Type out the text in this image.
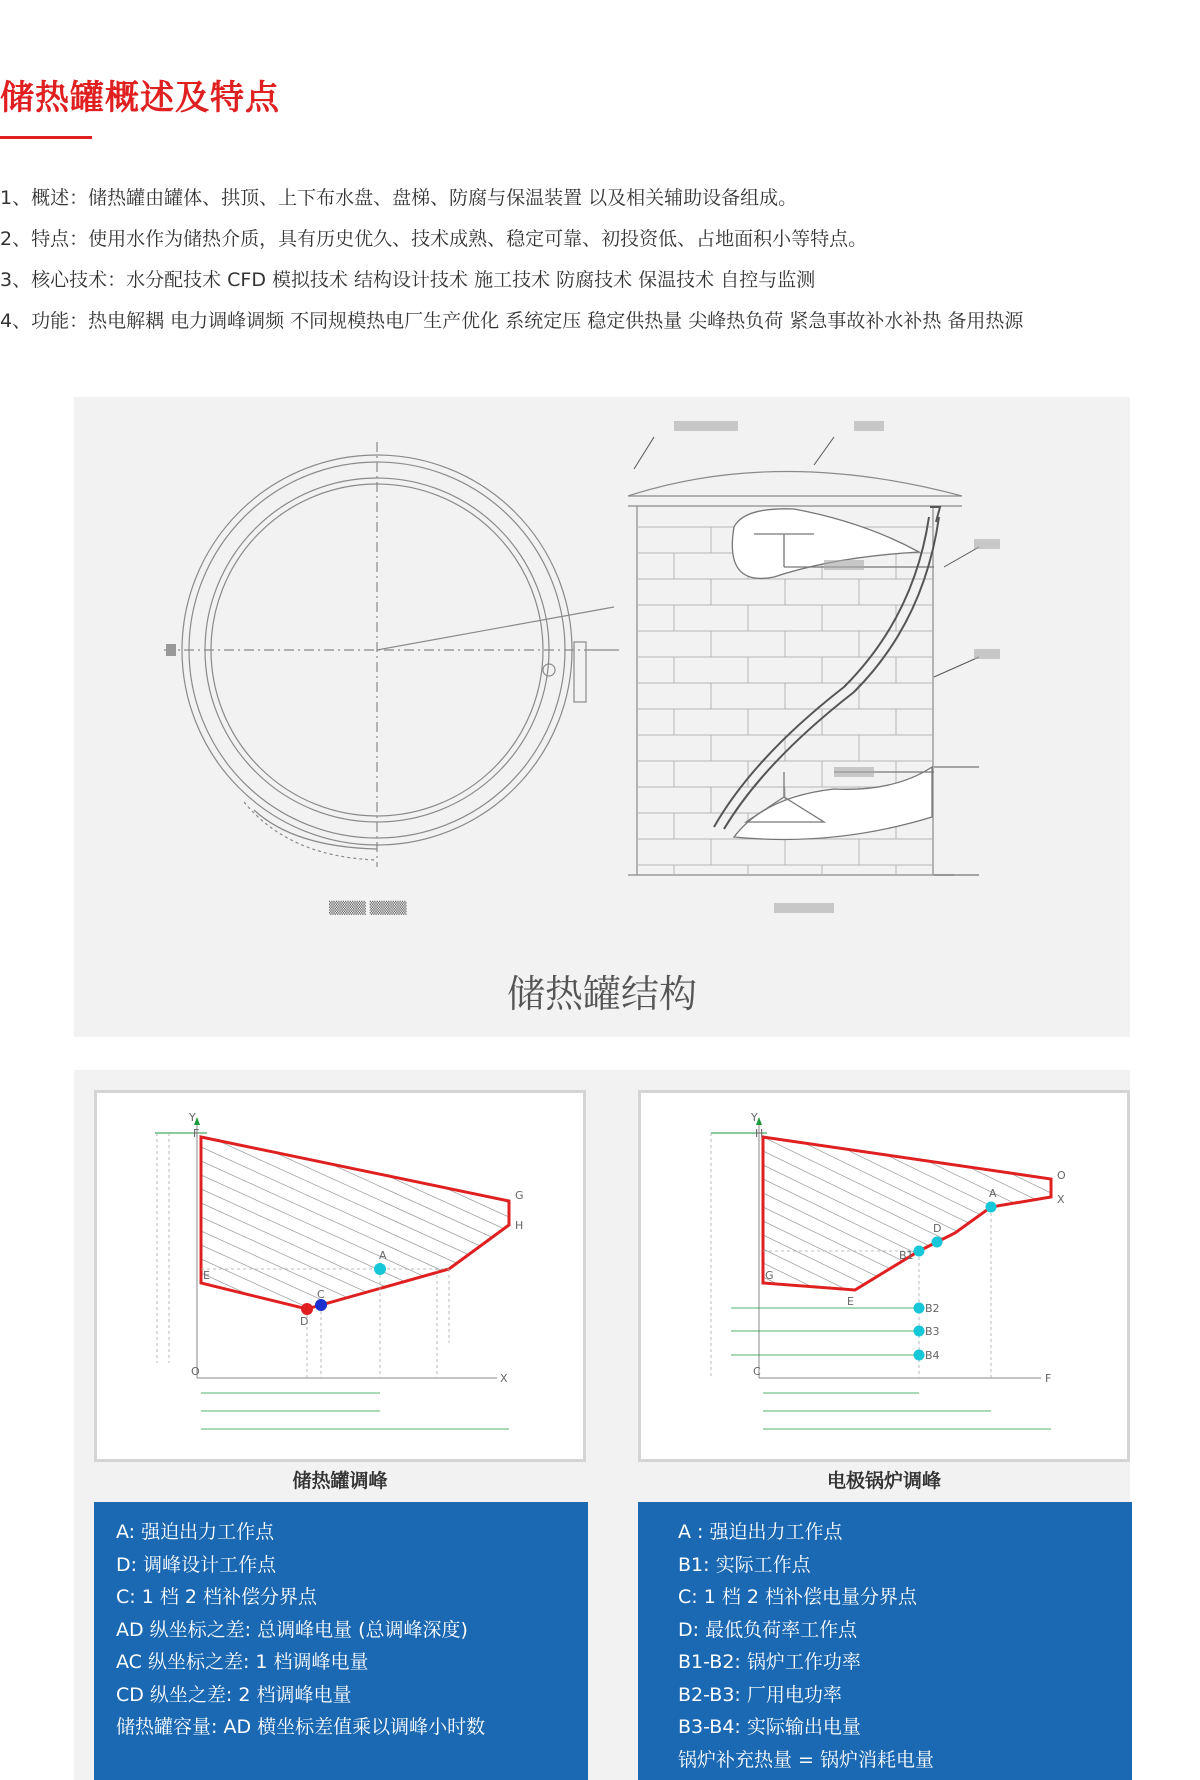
储热罐概述及特点
1、概述：储热罐由罐体、拱顶、上下布水盘、盘梯、防腐与保温装置 以及相关辅助设备组成。
2、特点：使用水作为储热介质，具有历史优久、技术成熟、稳定可靠、初投资低、占地面积小等特点。
3、核心技术：水分配技术 CFD 模拟技术 结构设计技术 施工技术 防腐技术 保温技术 自控与监测
4、功能：热电解耦 电力调峰调频 不同规模热电厂生产优化 系统定压 稳定供热量 尖峰热负荷 紧急事故补水补热 备用热源
▒▒▒▒ ▒▒▒▒
储热罐结构
F
E
A
C
D
G
H
O
X
Y
储热罐调峰
H
G
A
B1
D
E
B2
B3
B4
O
X
C
F
Y
电极锅炉调峰
A: 强迫出力工作点
D: 调峰设计工作点
C: 1 档 2 档补偿分界点
AD 纵坐标之差: 总调峰电量 (总调峰深度)
AC 纵坐标之差: 1 档调峰电量
CD 纵坐之差: 2 档调峰电量
储热罐容量: AD 横坐标差值乘以调峰小时数
A : 强迫出力工作点
B1: 实际工作点
C: 1 档 2 档补偿电量分界点
D: 最低负荷率工作点
B1-B2: 锅炉工作功率
B2-B3: 厂用电功率
B3-B4: 实际输出电量
锅炉补充热量 = 锅炉消耗电量
